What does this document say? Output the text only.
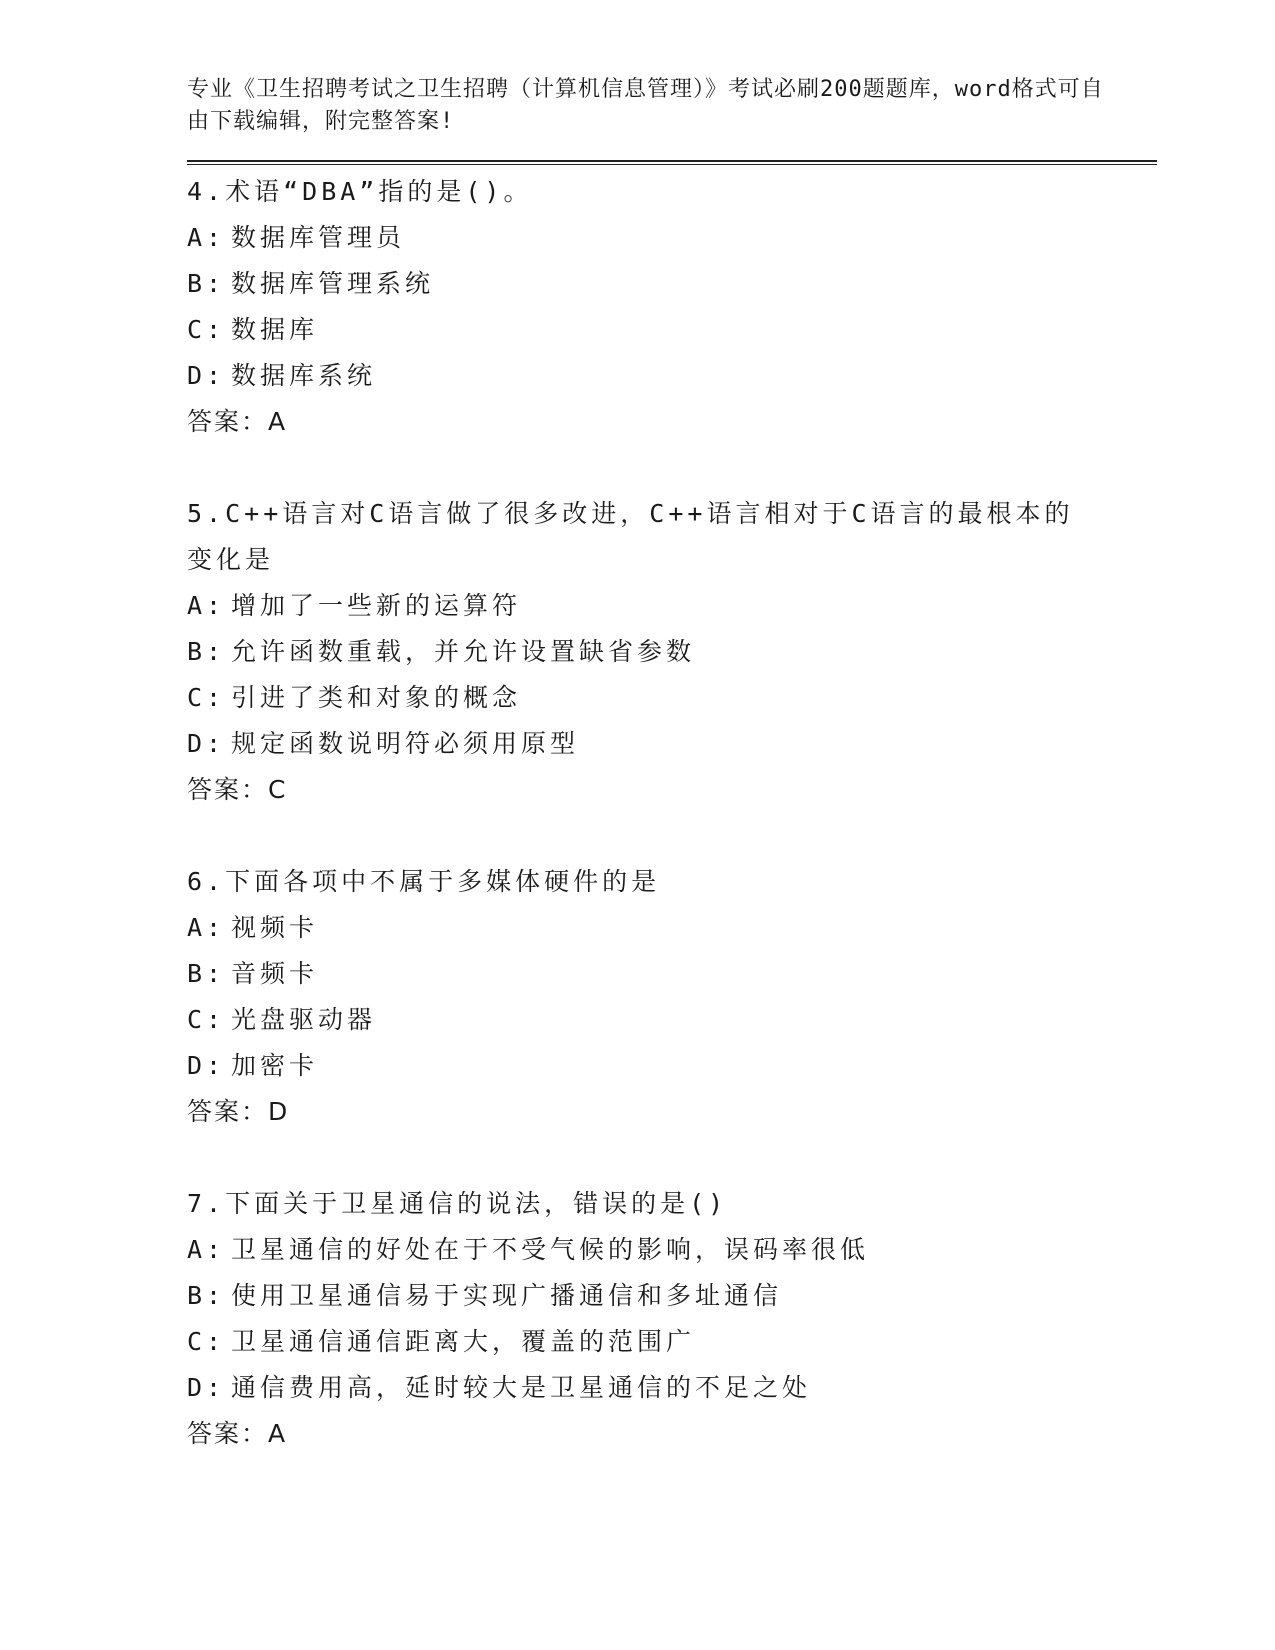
专业《卫生招聘考试之卫生招聘（计算机信息管理）》考试必刷200题题库，word格式可自由下载编辑，附完整答案!

4.术语“DBA”指的是()。

A: 数据库管理员

B: 数据库管理系统

C: 数据库

D: 数据库系统

答案：A

5.C++语言对C语言做了很多改进，C++语言相对于C语言的最根本的变化是

A: 增加了一些新的运算符

B: 允许函数重载，并允许设置缺省参数

C: 引进了类和对象的概念

D: 规定函数说明符必须用原型

答案：C

6.下面各项中不属于多媒体硬件的是

A: 视频卡

B: 音频卡

C: 光盘驱动器

D: 加密卡

答案：D

7.下面关于卫星通信的说法，错误的是()

A: 卫星通信的好处在于不受气候的影响，误码率很低

B: 使用卫星通信易于实现广播通信和多址通信

C: 卫星通信通信距离大，覆盖的范围广

D: 通信费用高，延时较大是卫星通信的不足之处

答案：A
